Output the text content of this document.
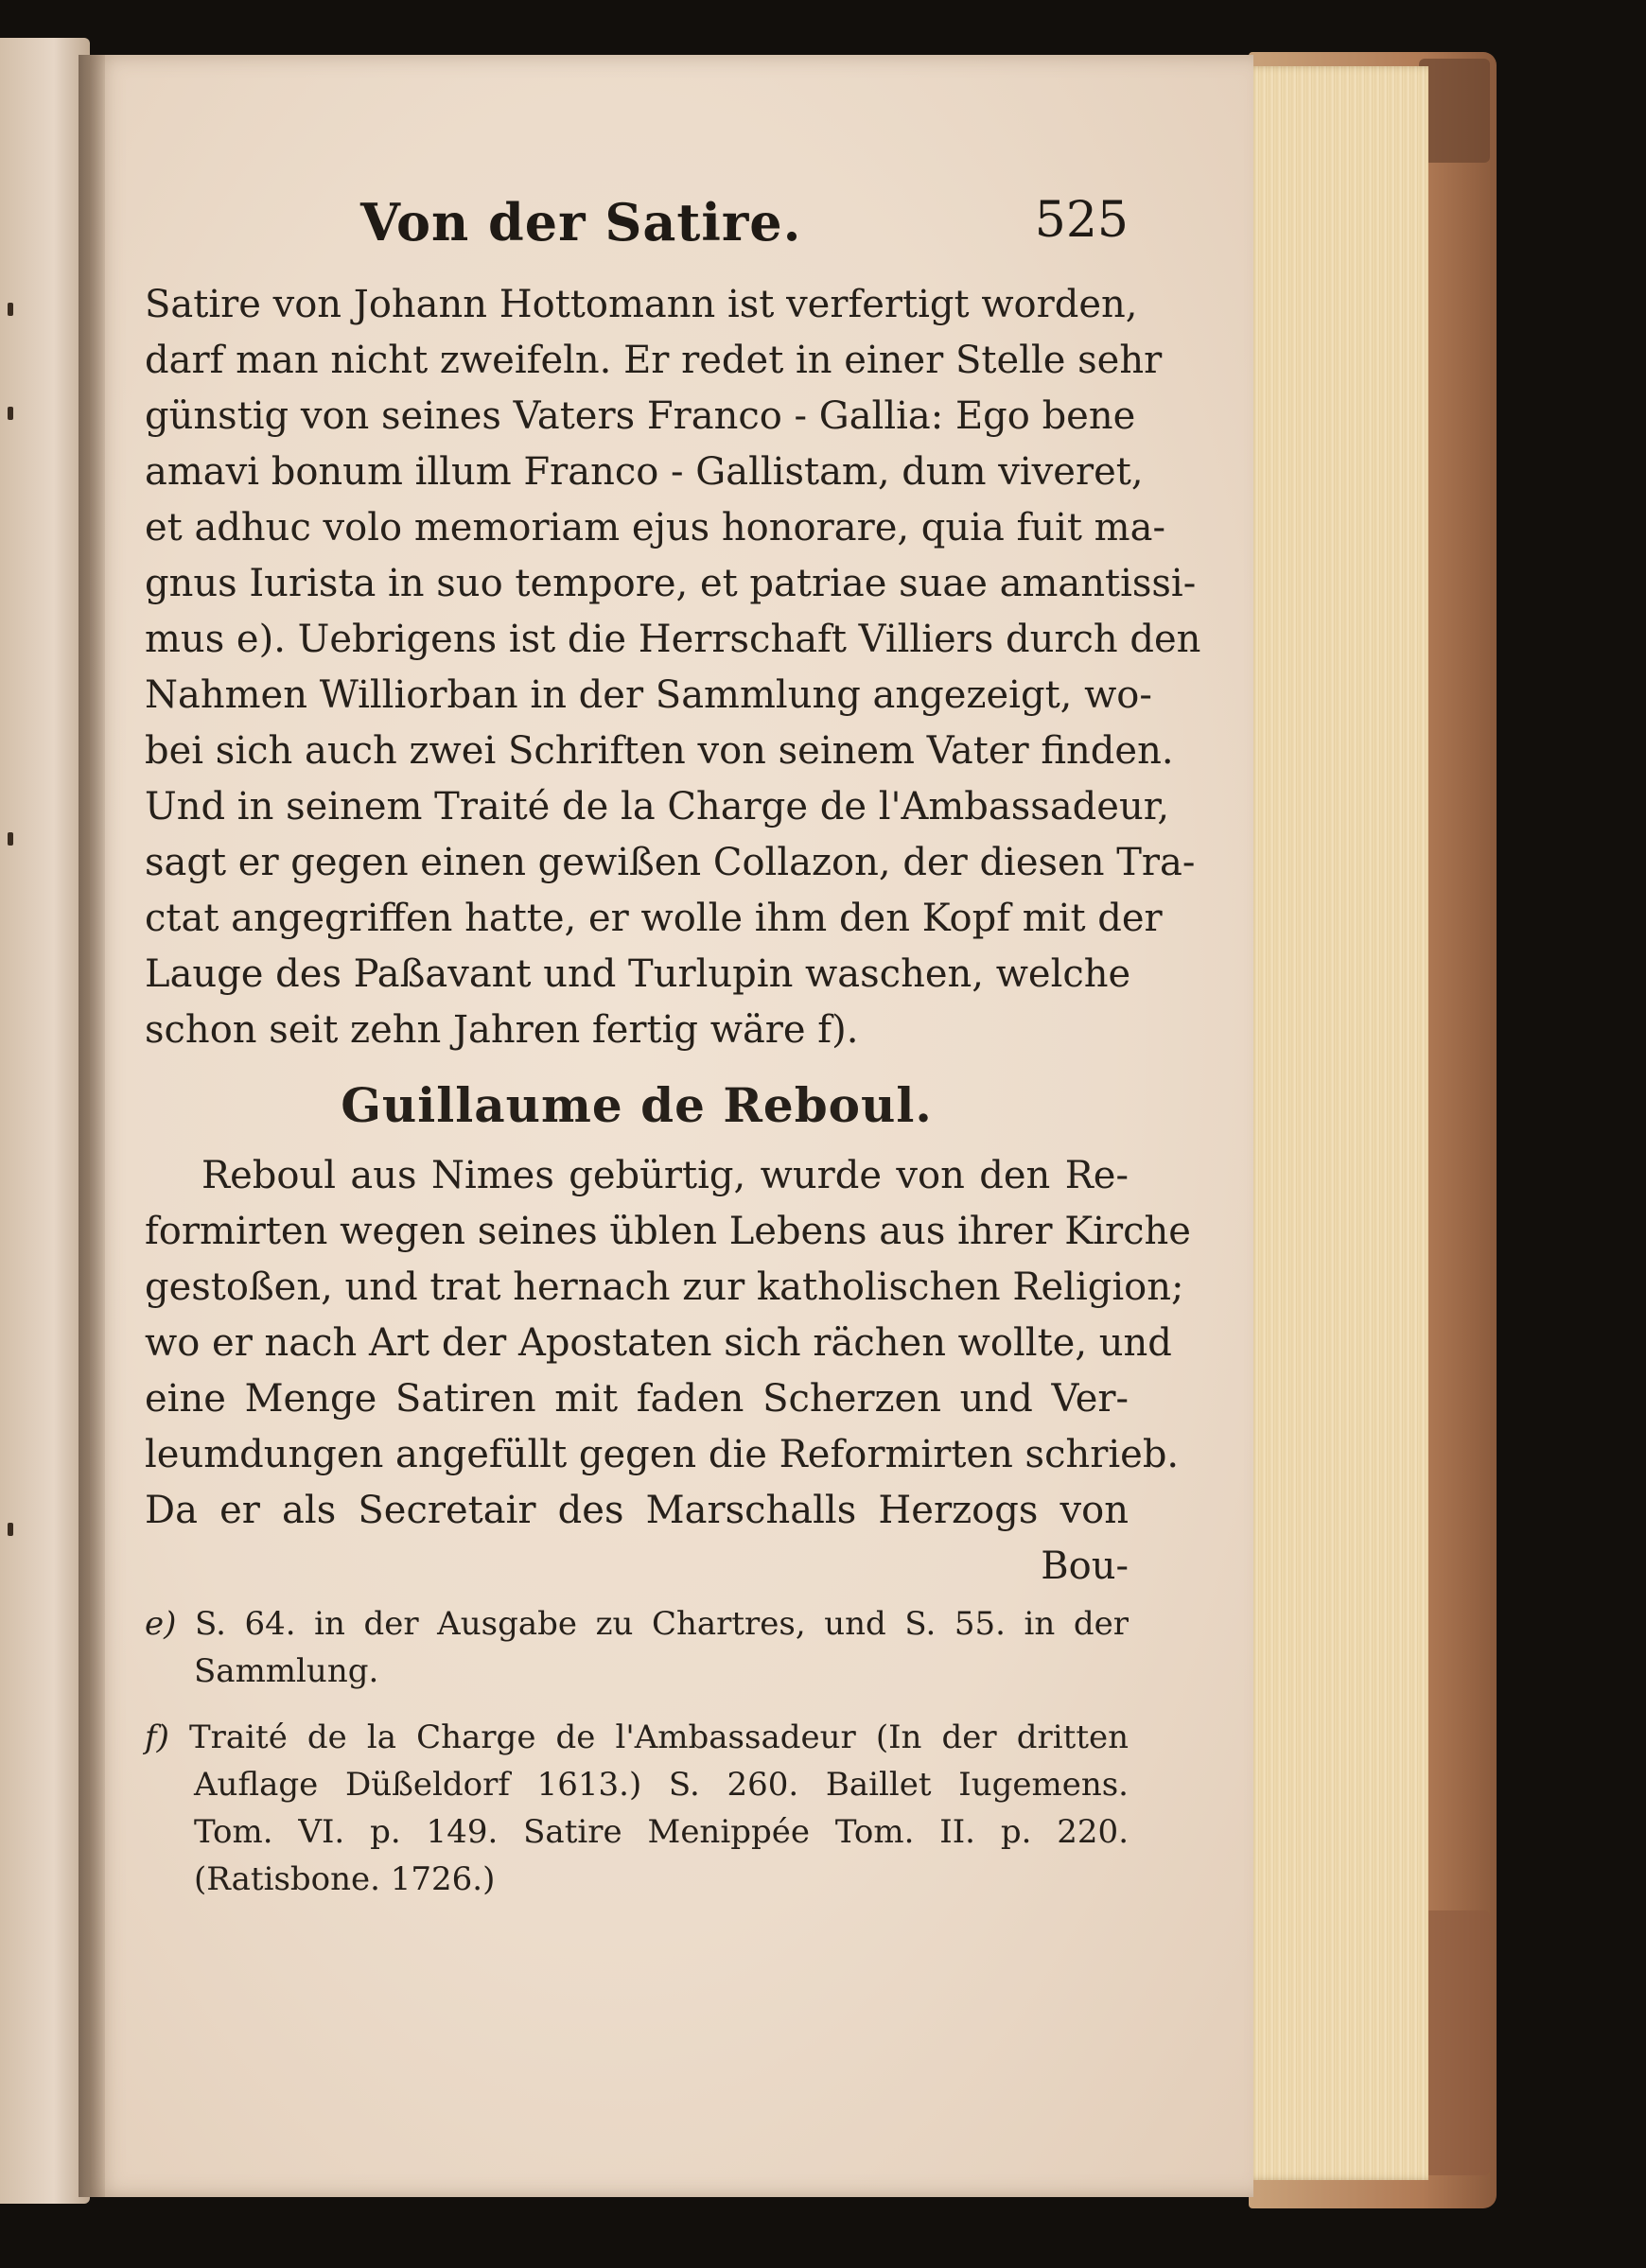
Von der Satire.	525
Satire von Johann Hottomann ist verfertigt worden,
darf man nicht zweifeln. Er redet in einer Stelle sehr
günstig von seines Vaters Franco - Gallia: Ego bene
amavi bonum illum Franco - Gallistam, dum viveret,
et adhuc volo memoriam ejus honorare, quia fuit ma-
gnus Iurista in suo tempore, et patriae suae amantissi-
mus e). Uebrigens ist die Herrschaft Villiers durch den
Nahmen Williorban in der Sammlung angezeigt, wo-
bei sich auch zwei Schriften von seinem Vater finden.
Und in seinem Traité de la Charge de l'Ambassadeur,
sagt er gegen einen gewißen Collazon, der diesen Tra-
ctat angegriffen hatte, er wolle ihm den Kopf mit der
Lauge des Paßavant und Turlupin waschen, welche
schon seit zehn Jahren fertig wäre f).
Guillaume de Reboul.
Reboul aus Nimes gebürtig, wurde von den Re-
formirten wegen seines üblen Lebens aus ihrer Kirche
gestoßen, und trat hernach zur katholischen Religion;
wo er nach Art der Apostaten sich rächen wollte, und
eine Menge Satiren mit faden Scherzen und Ver-
leumdungen angefüllt gegen die Reformirten schrieb.
Da er als Secretair des Marschalls Herzogs von
Bou-
e) S. 64. in der Ausgabe zu Chartres, und S. 55. in der
Sammlung.
f) Traité de la Charge de l'Ambassadeur (In der dritten
Auflage Düßeldorf 1613.) S. 260. Baillet Iugemens.
Tom. VI. p. 149. Satire Menippée Tom. II. p. 220.
(Ratisbone. 1726.)
